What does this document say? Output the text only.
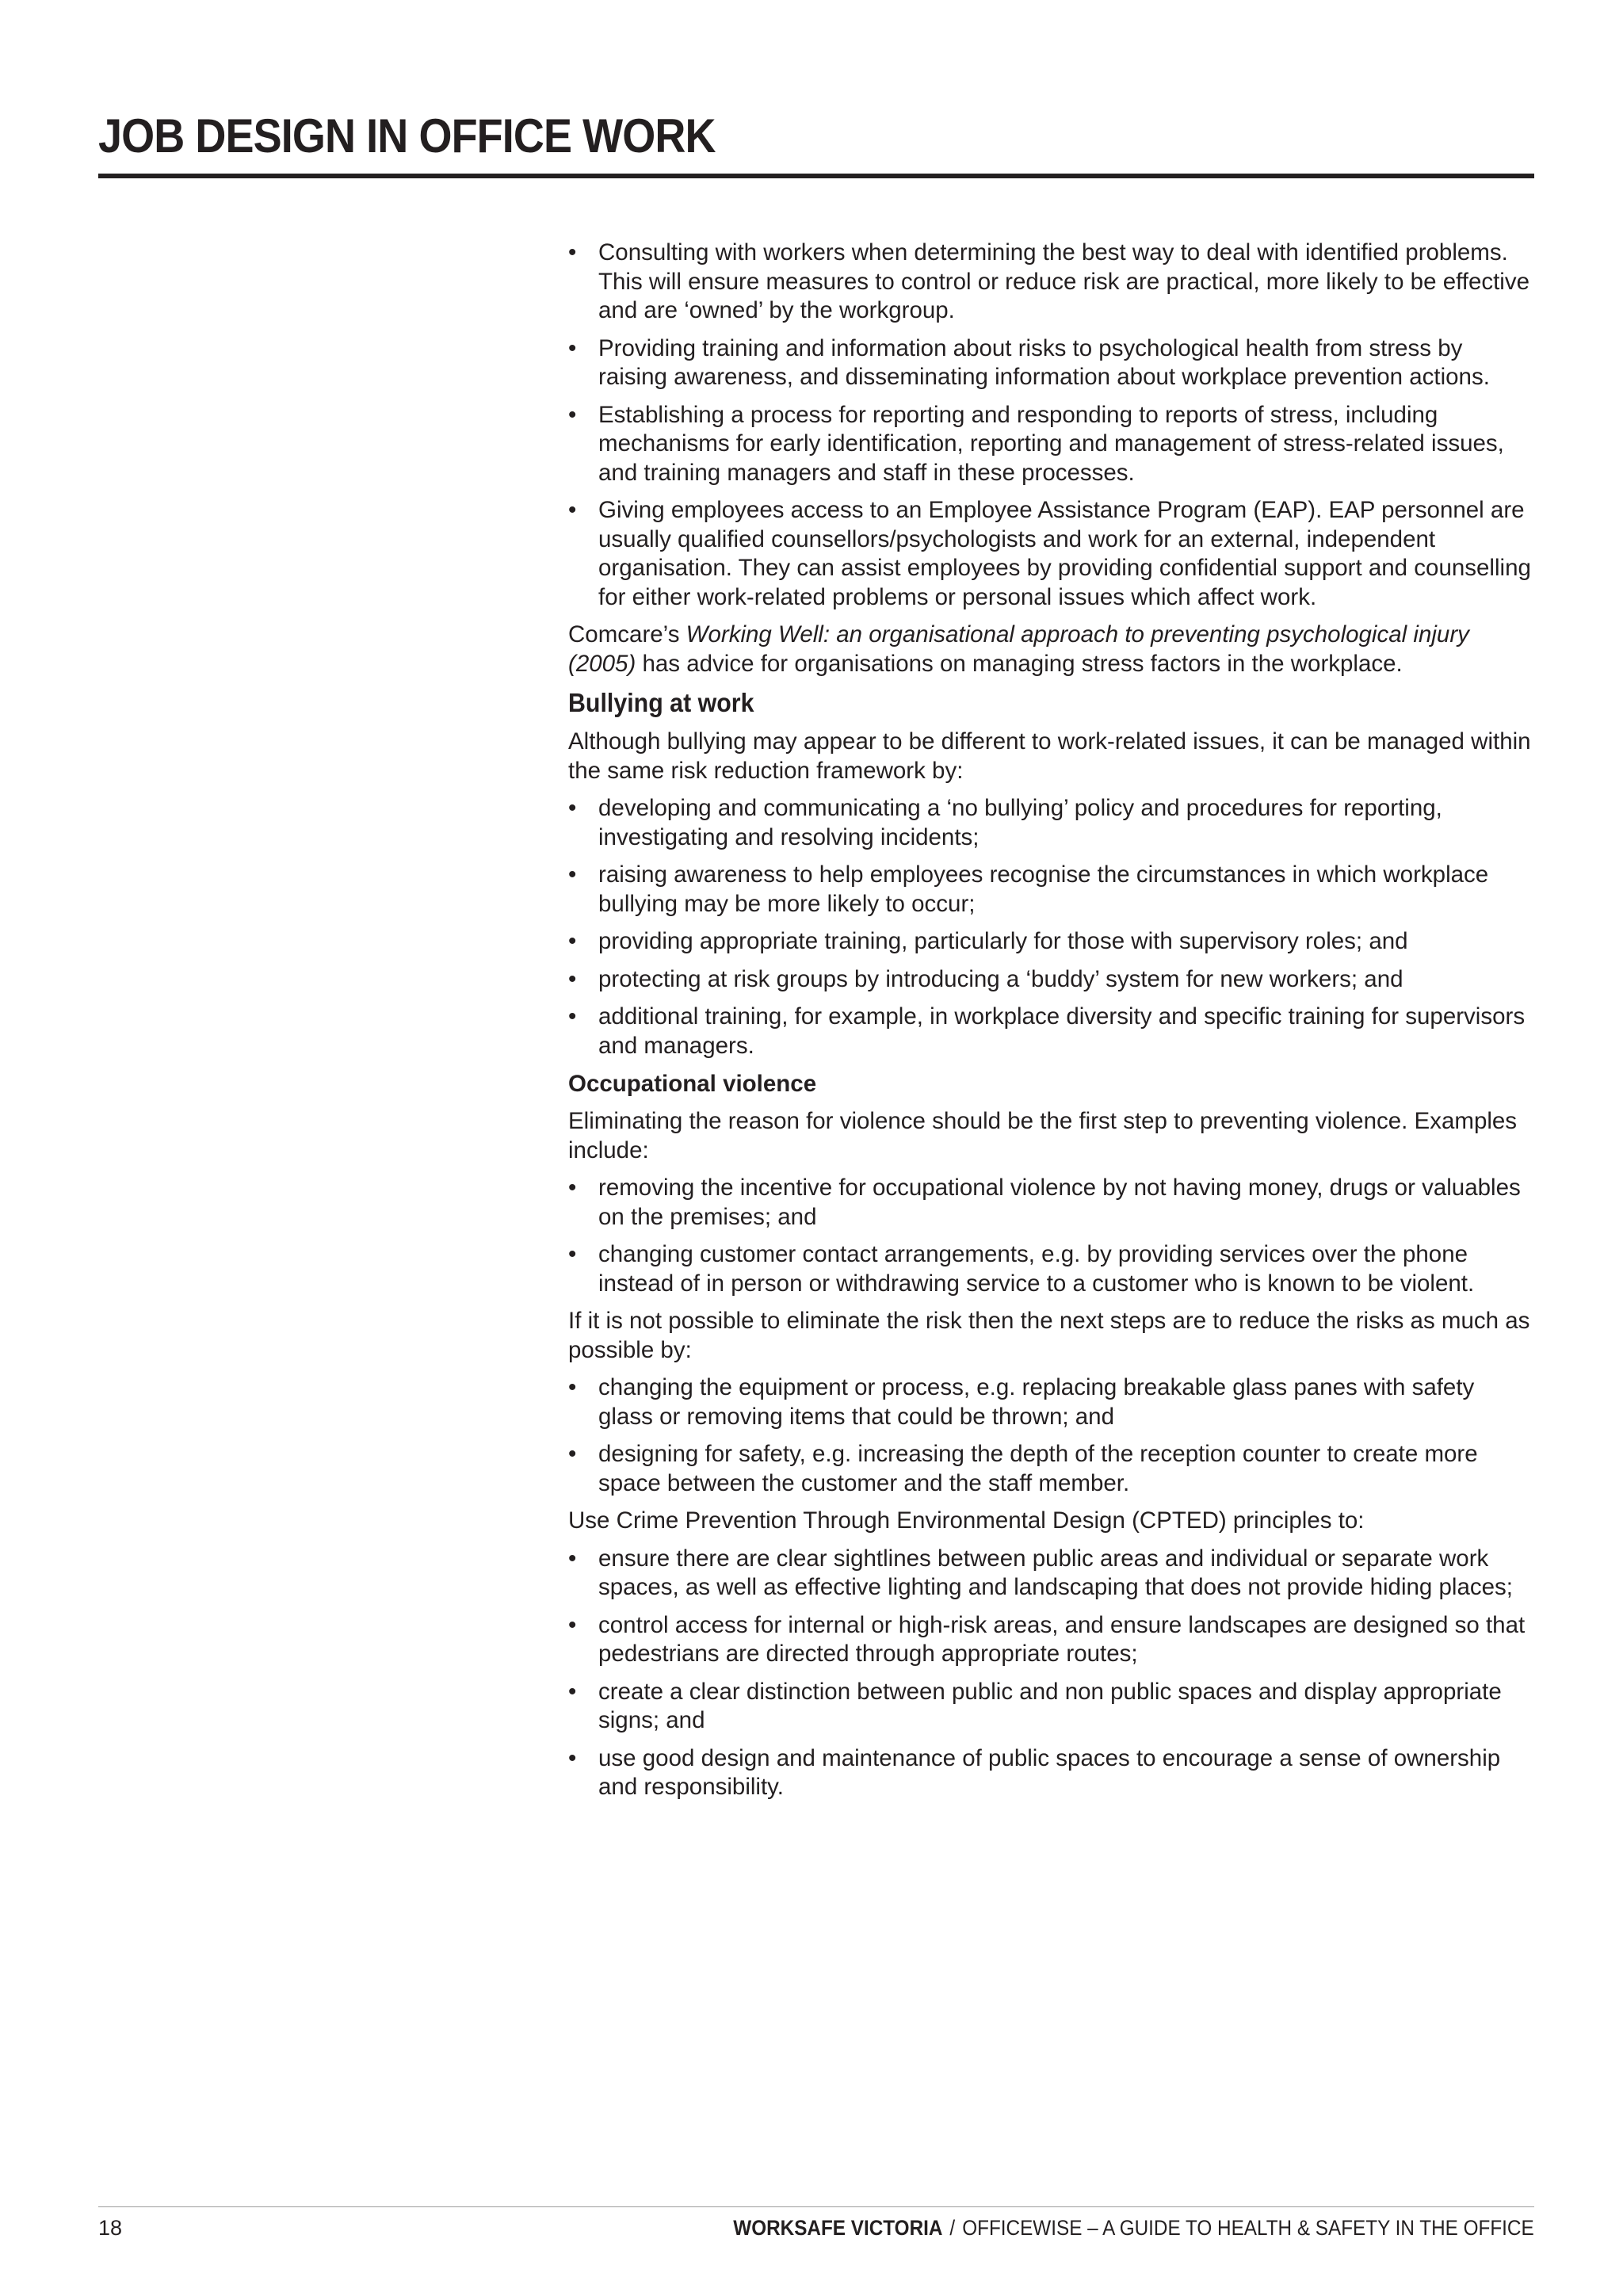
JOB DESIGN IN OFFICE WORK
• Consulting with workers when determining the best way to deal with identified problems. This will ensure measures to control or reduce risk are practical, more likely to be effective and are ‘owned’ by the workgroup.
• Providing training and information about risks to psychological health from stress by raising awareness, and disseminating information about workplace prevention actions.
• Establishing a process for reporting and responding to reports of stress, including mechanisms for early identification, reporting and management of stress-related issues, and training managers and staff in these processes.
• Giving employees access to an Employee Assistance Program (EAP). EAP personnel are usually qualified counsellors/psychologists and work for an external, independent organisation. They can assist employees by providing confidential support and counselling for either work-related problems or personal issues which affect work.

Comcare’s Working Well: an organisational approach to preventing psychological injury (2005) has advice for organisations on managing stress factors in the workplace.

Bullying at work

Although bullying may appear to be different to work-related issues, it can be managed within the same risk reduction framework by:

• developing and communicating a ‘no bullying’ policy and procedures for reporting, investigating and resolving incidents;
• raising awareness to help employees recognise the circumstances in which workplace bullying may be more likely to occur;
• providing appropriate training, particularly for those with supervisory roles; and
• protecting at risk groups by introducing a ‘buddy’ system for new workers; and
• additional training, for example, in workplace diversity and specific training for supervisors and managers.
Occupational violence

Eliminating the reason for violence should be the first step to preventing violence. Examples include:

• removing the incentive for occupational violence by not having money, drugs or valuables on the premises; and
• changing customer contact arrangements, e.g. by providing services over the phone instead of in person or withdrawing service to a customer who is known to be violent.

If it is not possible to eliminate the risk then the next steps are to reduce the risks as much as possible by:

• changing the equipment or process, e.g. replacing breakable glass panes with safety glass or removing items that could be thrown; and
• designing for safety, e.g. increasing the depth of the reception counter to create more space between the customer and the staff member.

Use Crime Prevention Through Environmental Design (CPTED) principles to:

• ensure there are clear sightlines between public areas and individual or separate work spaces, as well as effective lighting and landscaping that does not provide hiding places;
• control access for internal or high-risk areas, and ensure landscapes are designed so that pedestrians are directed through appropriate routes;
• create a clear distinction between public and non public spaces and display appropriate signs; and
• use good design and maintenance of public spaces to encourage a sense of ownership and responsibility.
18	WORKSAFE VICTORIA / OFFICEWISE – A GUIDE TO HEALTH & SAFETY IN THE OFFICE
